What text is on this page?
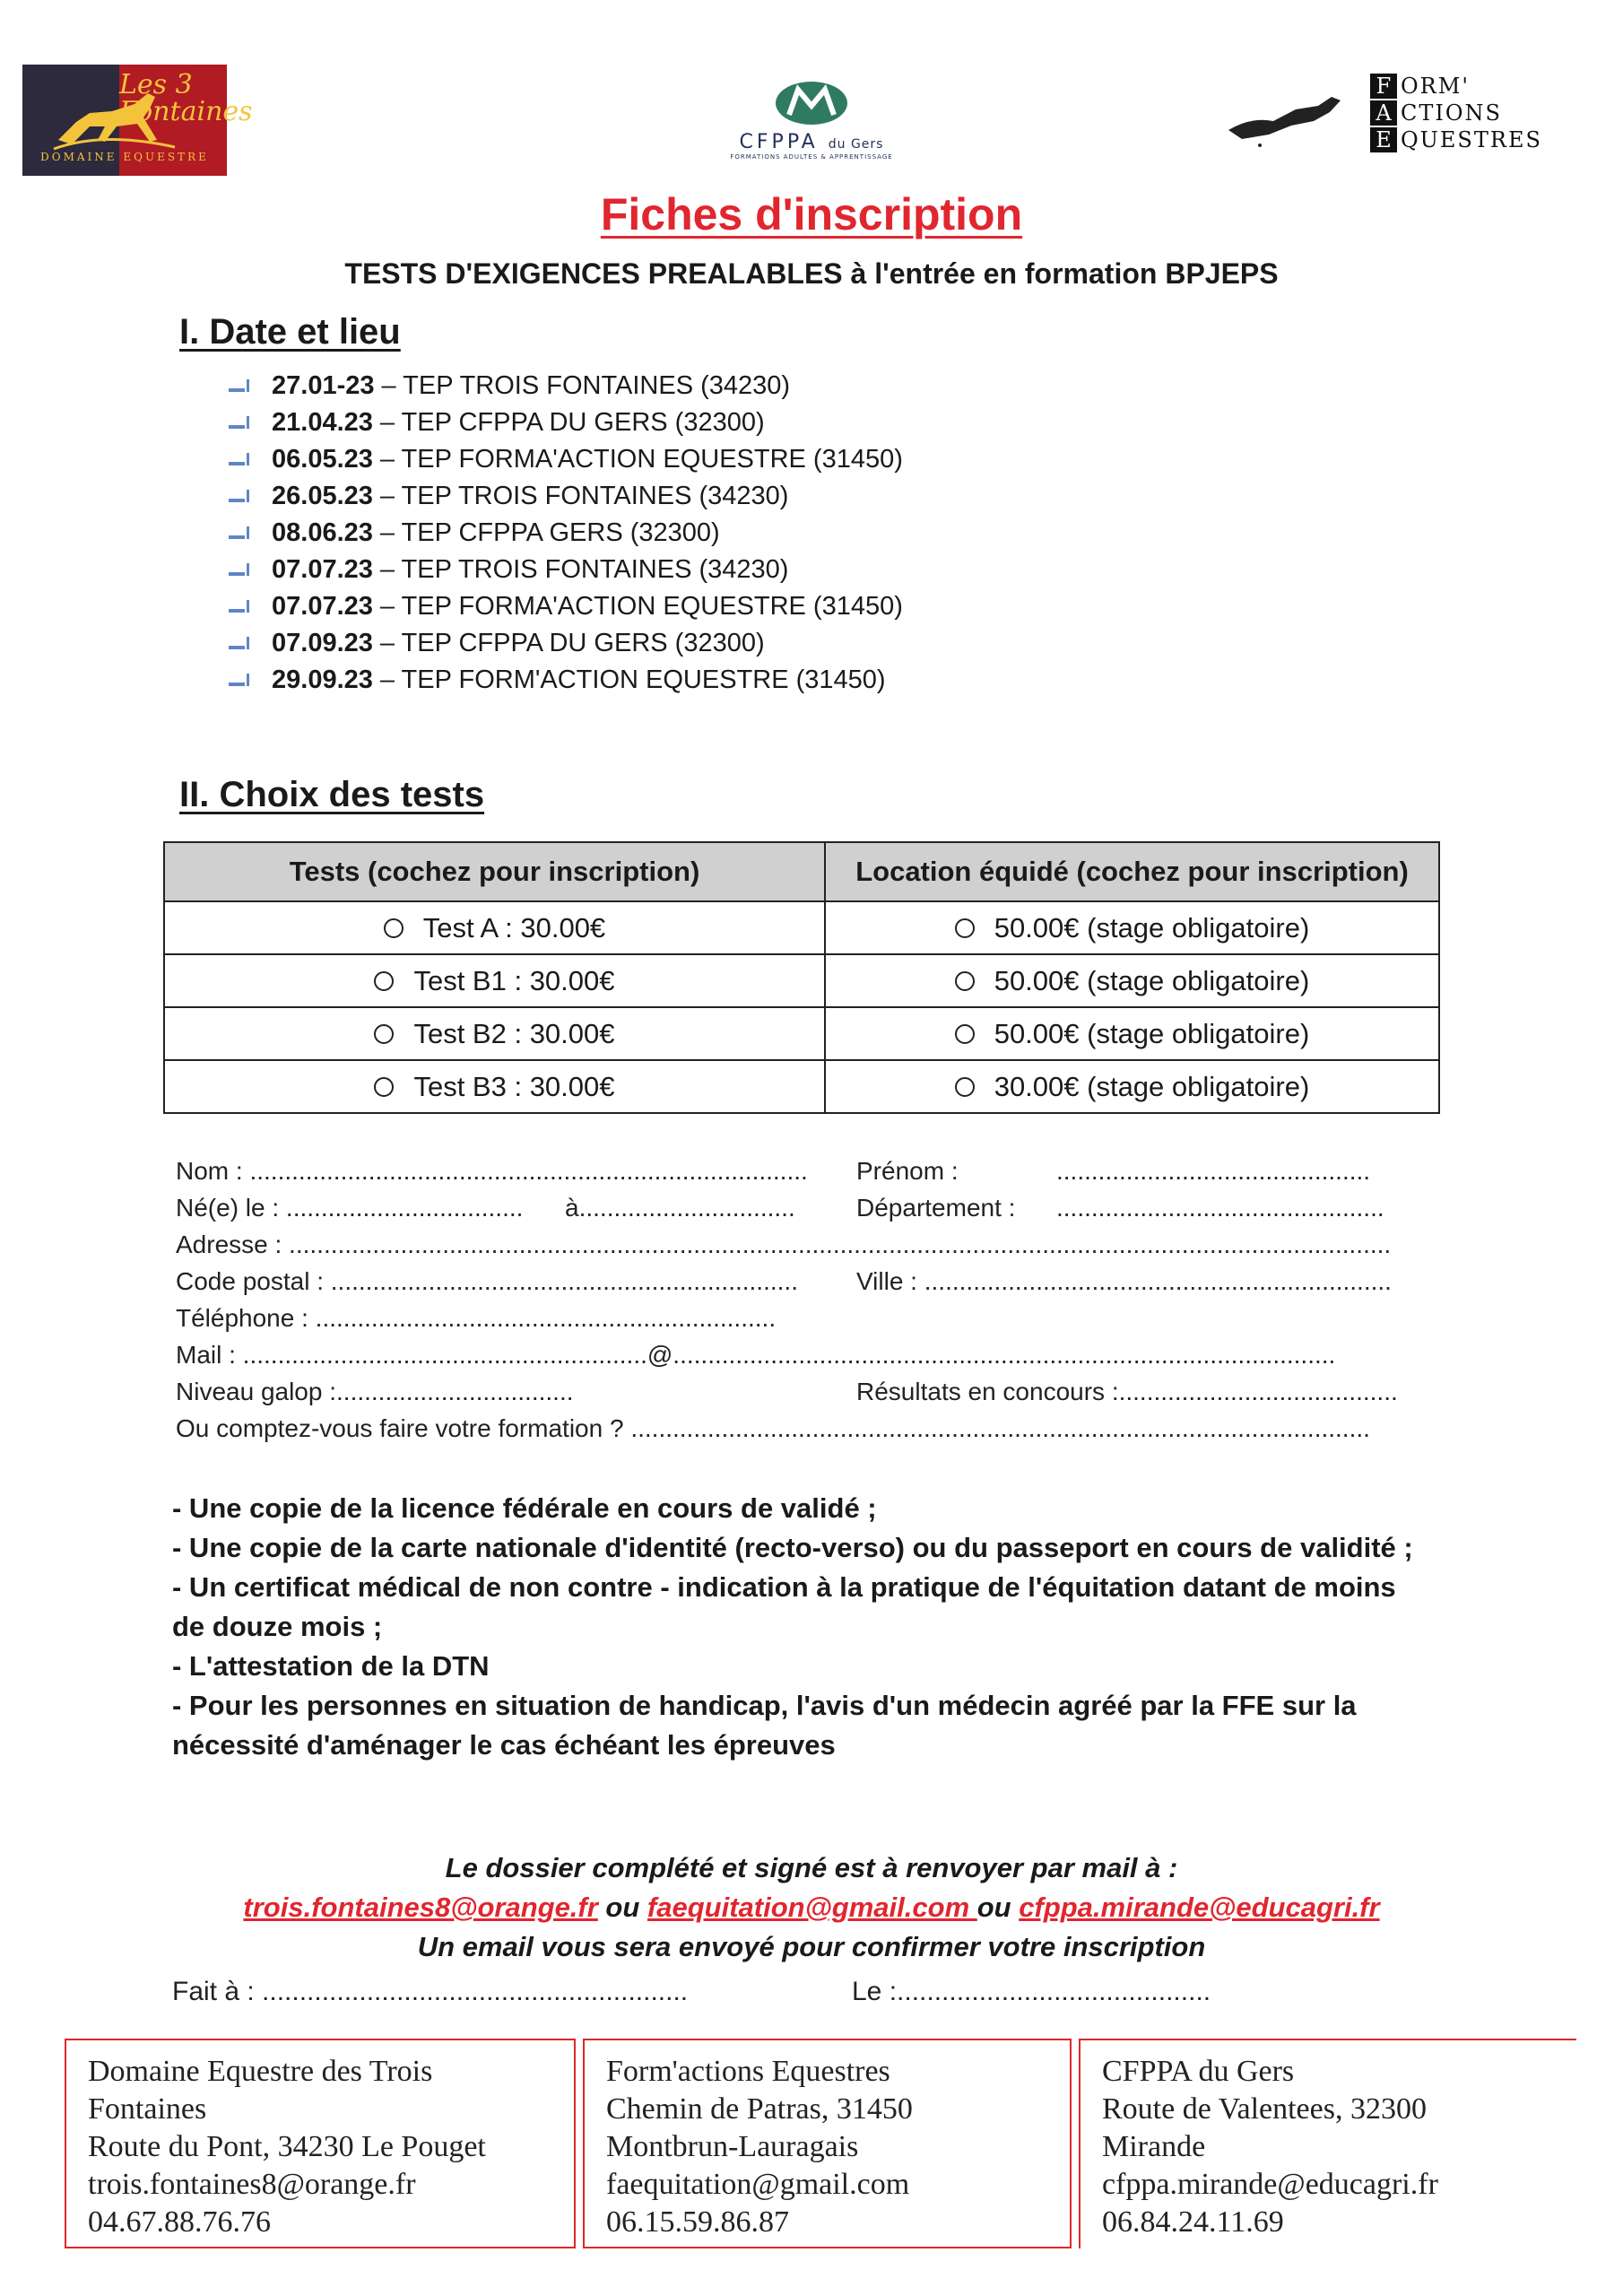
Les 3 Fontaines
DOMAINE EQUESTRE
CFPPA du Gers
FORMATIONS ADULTES & APPRENTISSAGE
F
A
E
ORM'
CTIONS
QUESTRES
Fiches d'inscription
TESTS D'EXIGENCES PREALABLES à l'entrée en formation BPJEPS
I. Date et lieu
27.01-23 – TEP TROIS FONTAINES (34230)
21.04.23 – TEP CFPPA DU GERS (32300)
06.05.23 – TEP FORMA'ACTION EQUESTRE (31450)
26.05.23 – TEP TROIS FONTAINES (34230)
08.06.23 – TEP CFPPA GERS (32300)
07.07.23 – TEP TROIS FONTAINES (34230)
07.07.23 – TEP FORMA'ACTION EQUESTRE (31450)
07.09.23 – TEP CFPPA DU GERS (32300)
29.09.23 – TEP FORM'ACTION EQUESTRE (31450)
II. Choix des tests
Tests (cochez pour inscription)	Location équidé (cochez pour inscription)
Test A : 30.00€	50.00€ (stage obligatoire)
Test B1 : 30.00€	50.00€ (stage obligatoire)
Test B2 : 30.00€	50.00€ (stage obligatoire)
Test B3 : 30.00€	30.00€ (stage obligatoire)
Nom : ................................................................................ Prénom :	.............................................
Né(e) le : .................................. à............................... Département : ...............................................
Adresse : ..............................................................................................................................................................
Code postal : ................................................................... Ville : ...................................................................
Téléphone : ..................................................................
Mail : ..........................................................@...............................................................................................
Niveau galop :..................................	Résultats en concours :........................................
Ou comptez-vous faire votre formation ? ..........................................................................................................

- Une copie de la licence fédérale en cours de validé ;

- Une copie de la carte nationale d'identité (recto-verso) ou du passeport en cours de validité ;

- Un certificat médical de non contre - indication à la pratique de l'équitation datant de moins de douze mois ;

- L'attestation de la DTN

- Pour les personnes en situation de handicap, l'avis d'un médecin agréé par la FFE sur la nécessité d'aménager le cas échéant les épreuves

Le dossier complété et signé est à renvoyer par mail à :
trois.fontaines8@orange.fr ou faequitation@gmail.com ou cfppa.mirande@educagri.fr
Un email vous sera envoyé pour confirmer votre inscription
Fait à : .........................................................	Le :..........................................
Domaine Equestre des Trois
Fontaines
Route du Pont, 34230 Le Pouget
trois.fontaines8@orange.fr
04.67.88.76.76
Form'actions Equestres
Chemin de Patras, 31450
Montbrun-Lauragais
faequitation@gmail.com
06.15.59.86.87
CFPPA du Gers
Route de Valentees, 32300
Mirande
cfppa.mirande@educagri.fr
06.84.24.11.69
